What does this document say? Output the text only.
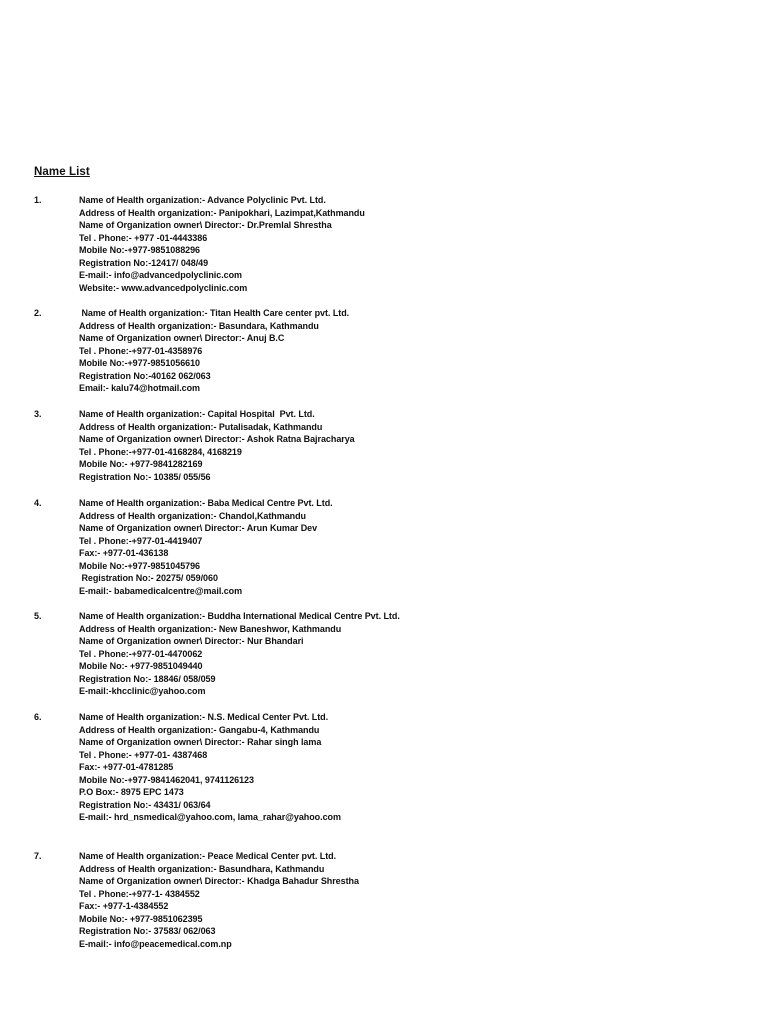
Name List
1.	Name of Health organization:- Advance Polyclinic Pvt. Ltd.
Address of Health organization:- Panipokhari, Lazimpat,Kathmandu
Name of Organization owner\ Director:- Dr.Premlal Shrestha
Tel . Phone:- +977 -01-4443386
Mobile No:-+977-9851088296
Registration No:-12417/ 048/49
E-mail:- info@advancedpolyclinic.com
Website:- www.advancedpolyclinic.com
2.	Name of Health organization:- Titan Health Care center pvt. Ltd.
Address of Health organization:- Basundara, Kathmandu
Name of Organization owner\ Director:- Anuj B.C
Tel . Phone:-+977-01-4358976
Mobile No:-+977-9851056610
Registration No:-40162 062/063
Email:- kalu74@hotmail.com
3.	Name of Health organization:- Capital Hospital  Pvt. Ltd.
Address of Health organization:- Putalisadak, Kathmandu
Name of Organization owner\ Director:- Ashok Ratna Bajracharya
Tel . Phone:-+977-01-4168284, 4168219
Mobile No:- +977-9841282169
Registration No:- 10385/ 055/56
4.	Name of Health organization:- Baba Medical Centre Pvt. Ltd.
Address of Health organization:- Chandol,Kathmandu
Name of Organization owner\ Director:- Arun Kumar Dev
Tel . Phone:-+977-01-4419407
Fax:- +977-01-436138
Mobile No:-+977-9851045796
Registration No:- 20275/ 059/060
E-mail:- babamedicalcentre@mail.com
5.	Name of Health organization:- Buddha International Medical Centre Pvt. Ltd.
Address of Health organization:- New Baneshwor, Kathmandu
Name of Organization owner\ Director:- Nur Bhandari
Tel . Phone:-+977-01-4470062
Mobile No:- +977-9851049440
Registration No:- 18846/ 058/059
E-mail:-khcclinic@yahoo.com
6.	Name of Health organization:- N.S. Medical Center Pvt. Ltd.
Address of Health organization:- Gangabu-4, Kathmandu
Name of Organization owner\ Director:- Rahar singh lama
Tel . Phone:- +977-01- 4387468
Fax:- +977-01-4781285
Mobile No:-+977-9841462041, 9741126123
P.O Box:- 8975 EPC 1473
Registration No:- 43431/ 063/64
E-mail:- hrd_nsmedical@yahoo.com, lama_rahar@yahoo.com
7.	Name of Health organization:- Peace Medical Center pvt. Ltd.
Address of Health organization:- Basundhara, Kathmandu
Name of Organization owner\ Director:- Khadga Bahadur Shrestha
Tel . Phone:-+977-1- 4384552
Fax:- +977-1-4384552
Mobile No:- +977-9851062395
Registration No:- 37583/ 062/063
E-mail:- info@peacemedical.com.np
